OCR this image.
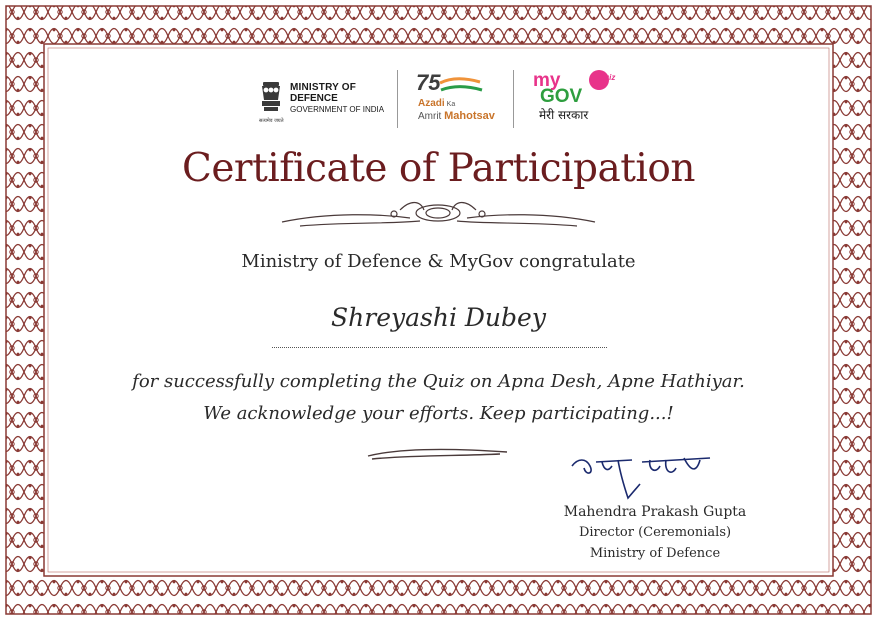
सत्यमेव जयते
MINISTRY OF
DEFENCE
GOVERNMENT OF INDIA
75
Azadi Ka
Amrit Mahotsav
my
GOV
Quiz
मेरी सरकार
Certificate of Participation
Ministry of Defence & MyGov congratulate
Shreyashi Dubey
for successfully completing the Quiz on Apna Desh, Apne Hathiyar.
We acknowledge your efforts. Keep participating...!
Mahendra Prakash Gupta
Director (Ceremonials)
Ministry of Defence
